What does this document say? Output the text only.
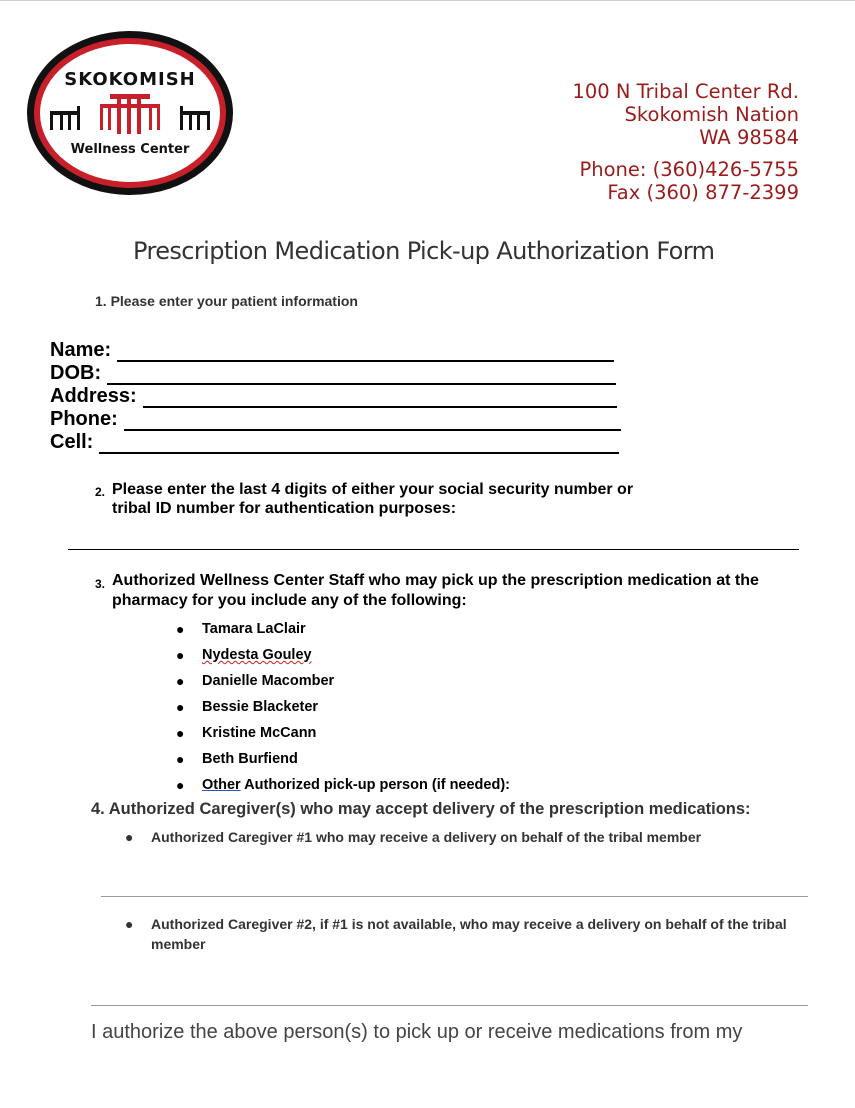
SKOKOMISH
Wellness Center
100 N Tribal Center Rd.
Skokomish Nation
WA 98584
Phone: (360)426-5755
Fax (360) 877-2399
Prescription Medication Pick-up Authorization Form
1. Please enter your patient information
Name:
DOB:
Address:
Phone:
Cell:
2. Please enter the last 4 digits of either your social security number or
tribal ID number for authentication purposes:
3. Authorized Wellness Center Staff who may pick up the prescription medication at the
pharmacy for you include any of the following:
●	Tamara LaClair
●	Nydesta Gouley
●	Danielle Macomber
●	Bessie Blacketer
●	Kristine McCann
●	Beth Burfiend
●	Other Authorized pick-up person (if needed):
4. Authorized Caregiver(s) who may accept delivery of the prescription medications:
●	Authorized Caregiver #1 who may receive a delivery on behalf of the tribal member
●	Authorized Caregiver #2, if #1 is not available, who may receive a delivery on behalf of the tribal member
I authorize the above person(s) to pick up or receive medications from my
